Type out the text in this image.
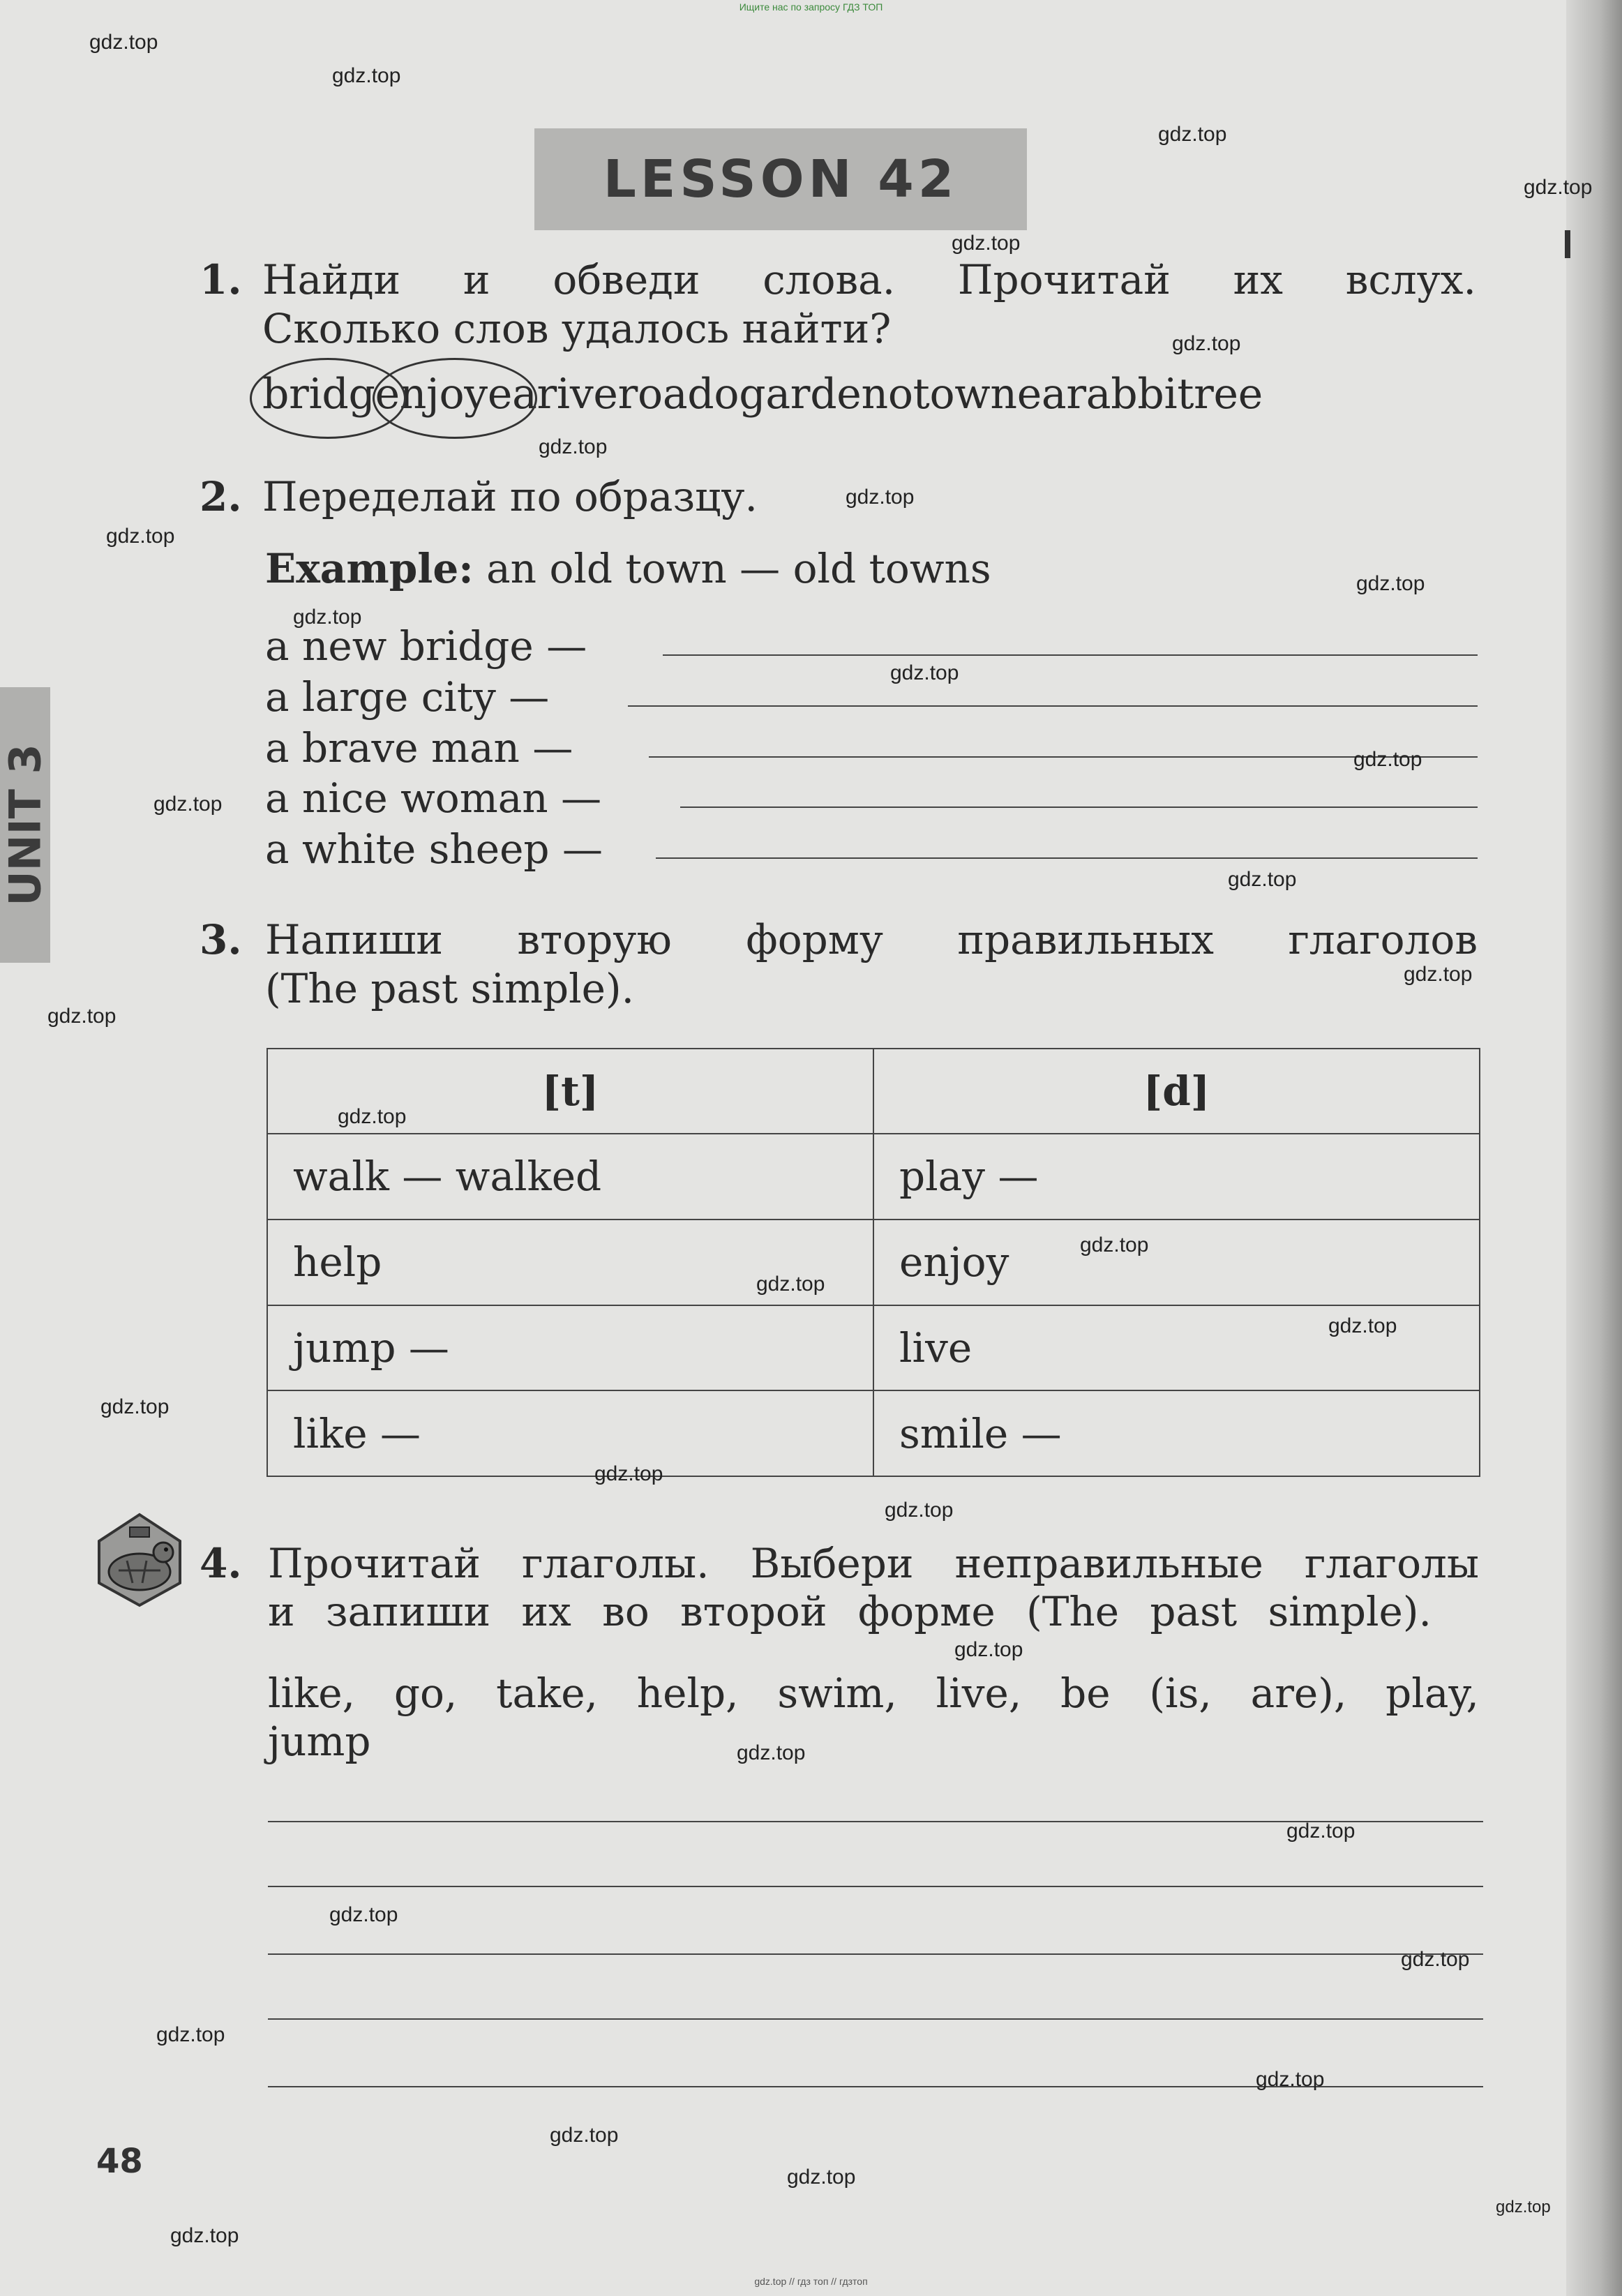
Ищите нас по запросу ГДЗ ТОП
LESSON 42
UNIT 3
1. Найди и обведи слова. Прочитай их вслух.
Сколько слов удалось найти?
bridgenjoyeariveroadogardenotownearabbitree
2. Переделай по образцу.
Example: an old town — old towns
a new bridge —
a large city —
a brave man —
a nice woman —
a white sheep —
3. Напиши вторую форму правильных глаголов
(The past simple).
[t]	[d]
walk — walked	play —
help	enjoy
jump —	live
like —	smile —
4. Прочитай глаголы. Выбери неправильные глаголы
и запиши их во второй форме (The past simple).
like, go, take, help, swim, live, be (is, are), play,
jump
48
gdz.top
gdz.top
gdz.top
gdz.top
gdz.top
gdz.top
gdz.top
gdz.top
gdz.top
gdz.top
gdz.top
gdz.top
gdz.top
gdz.top
gdz.top
gdz.top
gdz.top
gdz.top
gdz.top
gdz.top
gdz.top
gdz.top
gdz.top
gdz.top
gdz.top
gdz.top
gdz.top
gdz.top
gdz.top
gdz.top
gdz.top
gdz.top
gdz.top
gdz.top
gdz.top
gdz.top // гдз топ // гдзтоп
